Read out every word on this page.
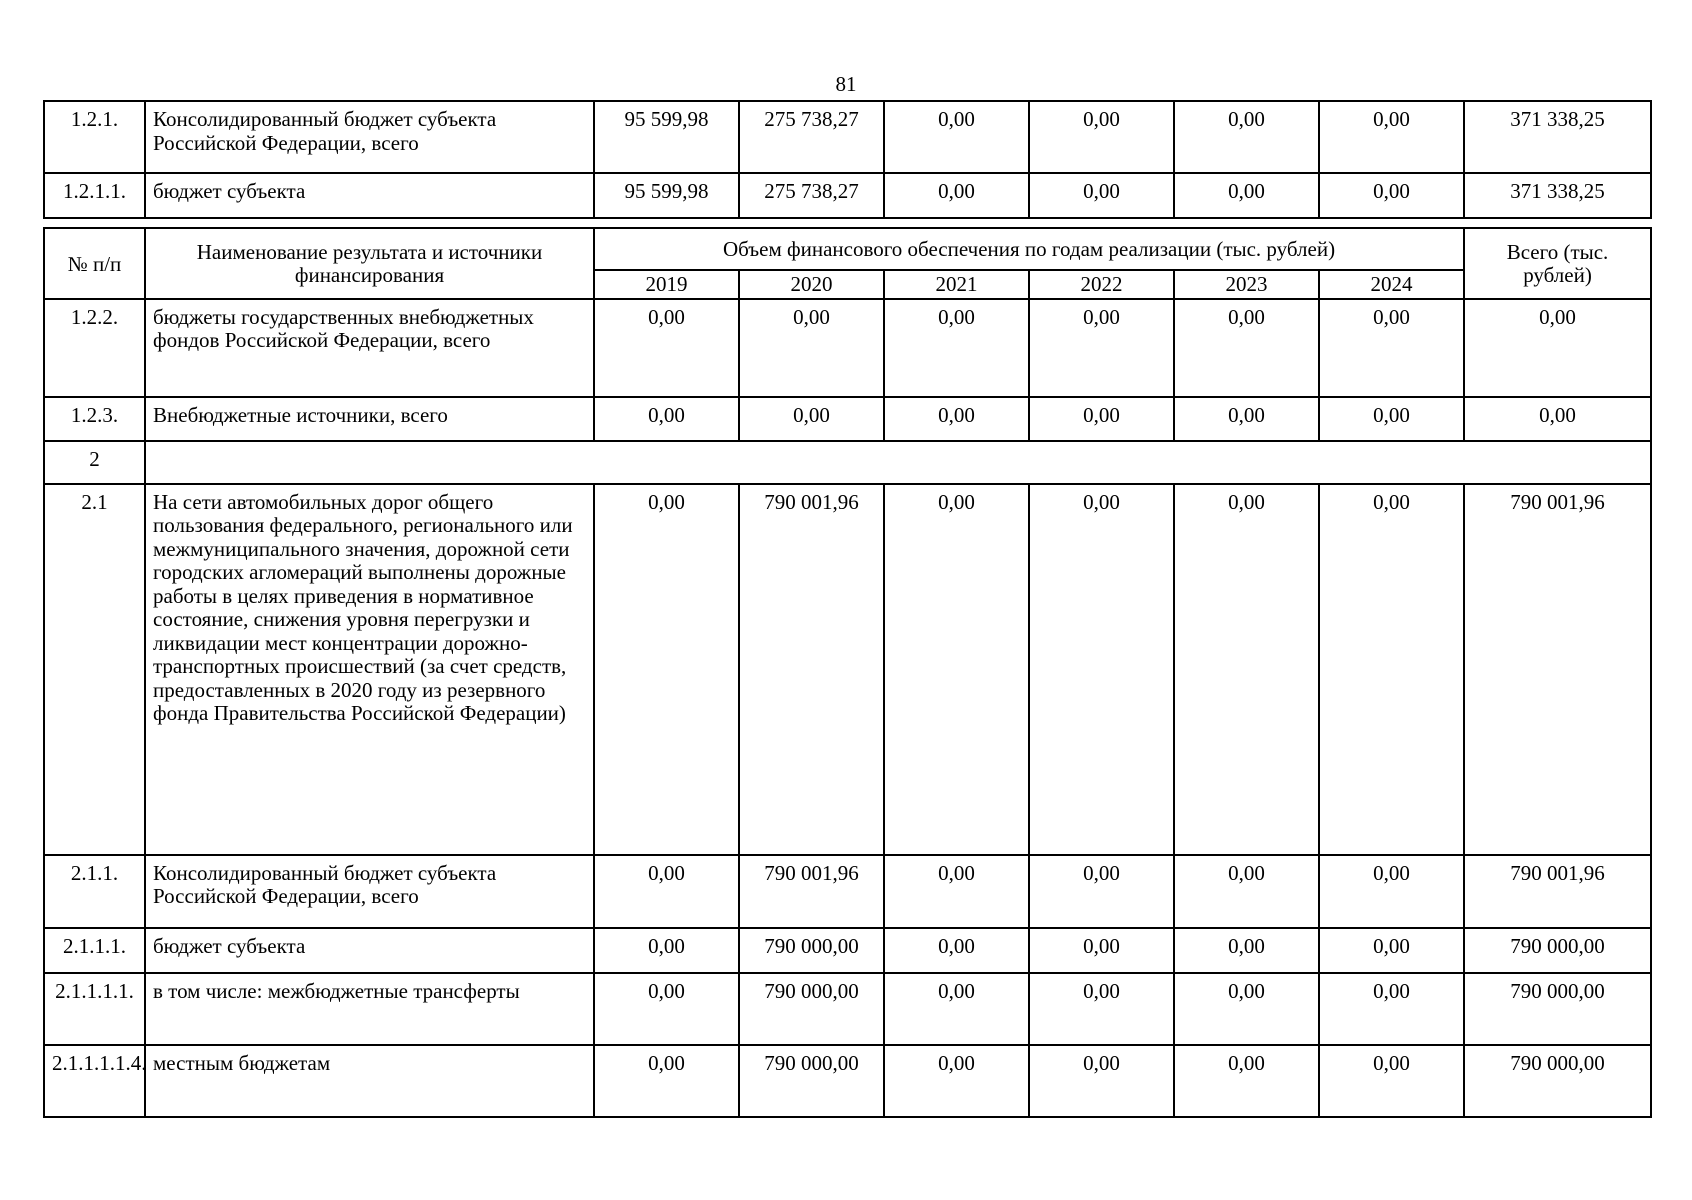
81
1.2.1.	Консолидированный бюджет субъекта Российской Федерации, всего	95 599,98	275 738,27	0,00	0,00	0,00	0,00	371 338,25
1.2.1.1.	бюджет субъекта	95 599,98	275 738,27	0,00	0,00	0,00	0,00	371 338,25
№ п/п	Наименование результата и источники финансирования	Объем финансового обеспечения по годам реализации (тыс. рублей)						Всего (тыс. рублей)
		2019	2020	2021	2022	2023	2024	
1.2.2.	бюджеты государственных внебюджетных фондов Российской Федерации, всего	0,00	0,00	0,00	0,00	0,00	0,00	0,00
1.2.3.	Внебюджетные источники, всего	0,00	0,00	0,00	0,00	0,00	0,00	0,00
2								
2.1	На сети автомобильных дорог общего пользования федерального, регионального или межмуниципального значения, дорожной сети городских агломераций выполнены дорожные работы в целях приведения в нормативное состояние, снижения уровня перегрузки и ликвидации мест концентрации дорожно-транспортных происшествий (за счет средств, предоставленных в 2020 году из резервного фонда Правительства Российской Федерации)	0,00	790 001,96	0,00	0,00	0,00	0,00	790 001,96
2.1.1.	Консолидированный бюджет субъекта Российской Федерации, всего	0,00	790 001,96	0,00	0,00	0,00	0,00	790 001,96
2.1.1.1.	бюджет субъекта	0,00	790 000,00	0,00	0,00	0,00	0,00	790 000,00
2.1.1.1.1.	в том числе: межбюджетные трансферты	0,00	790 000,00	0,00	0,00	0,00	0,00	790 000,00
2.1.1.1.1.4.	местным бюджетам	0,00	790 000,00	0,00	0,00	0,00	0,00	790 000,00
